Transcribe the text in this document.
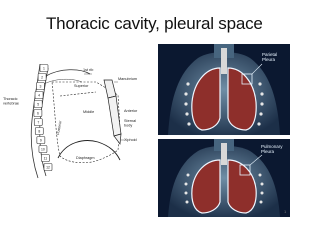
Thoracic cavity, pleural space
1
2
3
4
5
6
7
8
9
10
11
12
Posterior
1st rib
Manubrium
Superior
Thoracic vertebrae
Middle	Anterior
Sternal body
Xiphoid
Diaphragm
Parietal Pleura
Pulmonary Pleura
1
